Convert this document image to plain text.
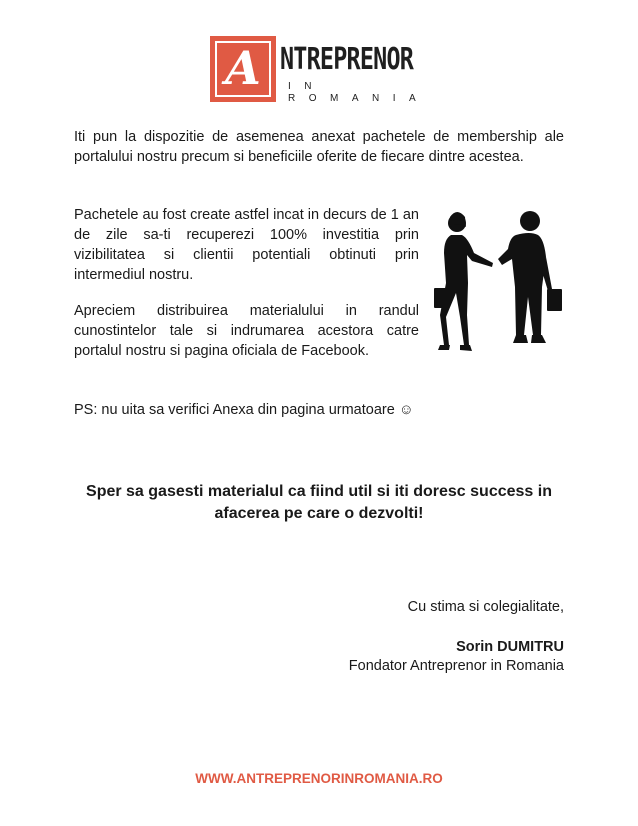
A NTREPRENOR
IN ROMANIA

Iti pun la dispozitie de asemenea anexat pachetele de membership ale portalului nostru precum si beneficiile oferite de fiecare dintre acestea.

Pachetele au fost create astfel incat in decurs de 1 an de zile sa-ti recuperezi 100% investitia prin vizibilitatea si clientii potentiali obtinuti prin intermediul nostru.

Apreciem distribuirea materialului in randul cunostintelor tale si indrumarea acestora catre portalul nostru si pagina oficiala de Facebook.

PS: nu uita sa verifici Anexa din pagina urmatoare ☺

Sper sa gasesti materialul ca fiind util si iti doresc success in afacerea pe care o dezvolti!

Cu stima si colegialitate,

Sorin DUMITRU

Fondator Antreprenor in Romania

WWW.ANTREPRENORINROMANIA.RO
